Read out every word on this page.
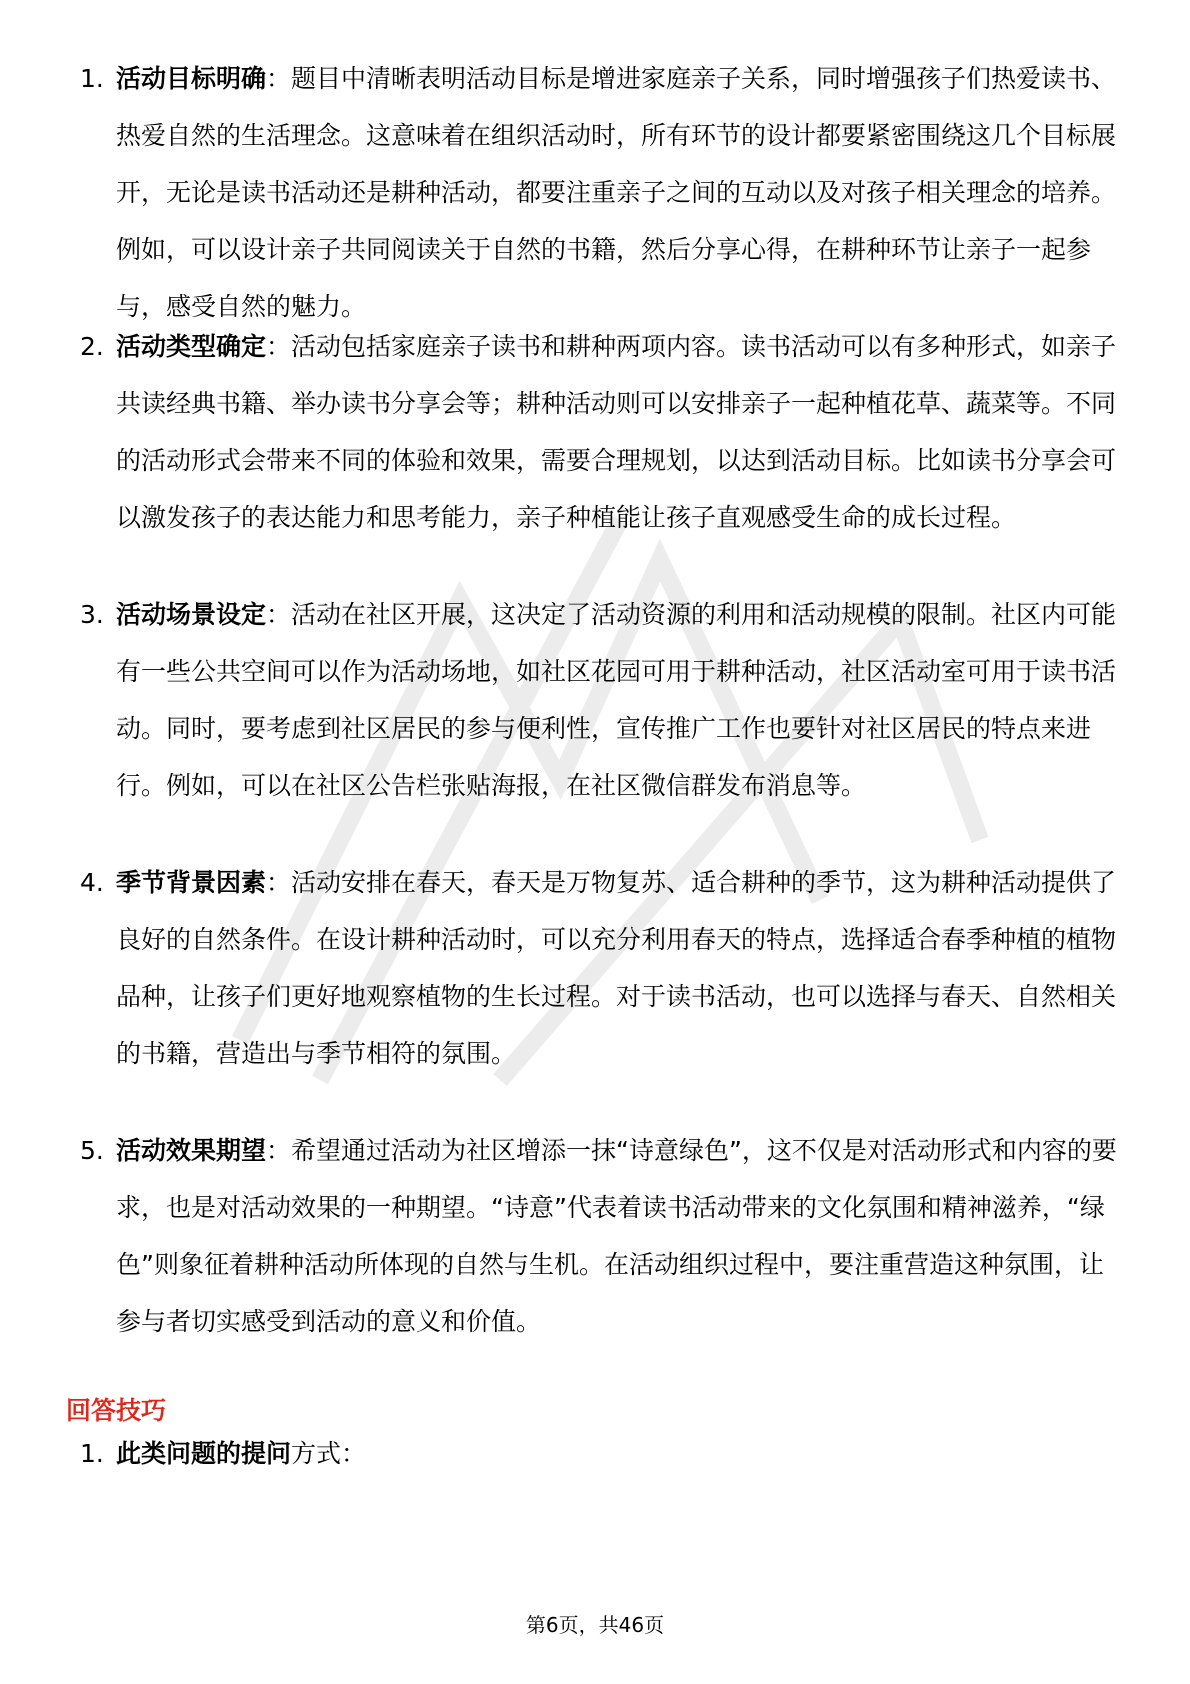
1. 活动目标明确：题目中清晰表明活动目标是增进家庭亲子关系，同时增强孩子们热爱读书、热爱自然的生活理念。这意味着在组织活动时，所有环节的设计都要紧密围绕这几个目标展开，无论是读书活动还是耕种活动，都要注重亲子之间的互动以及对孩子相关理念的培养。例如，可以设计亲子共同阅读关于自然的书籍，然后分享心得，在耕种环节让亲子一起参与，感受自然的魅力。
2. 活动类型确定：活动包括家庭亲子读书和耕种两项内容。读书活动可以有多种形式，如亲子共读经典书籍、举办读书分享会等；耕种活动则可以安排亲子一起种植花草、蔬菜等。不同的活动形式会带来不同的体验和效果，需要合理规划，以达到活动目标。比如读书分享会可以激发孩子的表达能力和思考能力，亲子种植能让孩子直观感受生命的成长过程。
3. 活动场景设定：活动在社区开展，这决定了活动资源的利用和活动规模的限制。社区内可能有一些公共空间可以作为活动场地，如社区花园可用于耕种活动，社区活动室可用于读书活动。同时，要考虑到社区居民的参与便利性，宣传推广工作也要针对社区居民的特点来进行。例如，可以在社区公告栏张贴海报，在社区微信群发布消息等。
4. 季节背景因素：活动安排在春天，春天是万物复苏、适合耕种的季节，这为耕种活动提供了良好的自然条件。在设计耕种活动时，可以充分利用春天的特点，选择适合春季种植的植物品种，让孩子们更好地观察植物的生长过程。对于读书活动，也可以选择与春天、自然相关的书籍，营造出与季节相符的氛围。
5. 活动效果期望：希望通过活动为社区增添一抹“诗意绿色”，这不仅是对活动形式和内容的要求，也是对活动效果的一种期望。“诗意”代表着读书活动带来的文化氛围和精神滋养，“绿色”则象征着耕种活动所体现的自然与生机。在活动组织过程中，要注重营造这种氛围，让参与者切实感受到活动的意义和价值。
回答技巧
1. 此类问题的提问方式：
第6页，共46页
